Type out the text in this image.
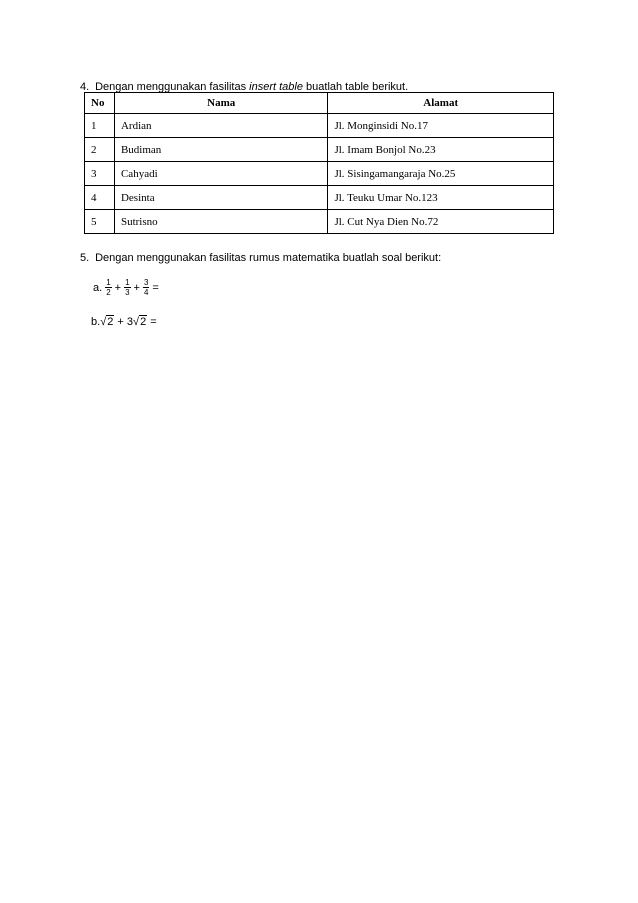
4. Dengan menggunakan fasilitas insert table buatlah table berikut.
No	Nama	Alamat
1	Ardian	Jl. Monginsidi No.17
2	Budiman	Jl. Imam Bonjol No.23
3	Cahyadi	Jl. Sisingamangaraja No.25
4	Desinta	Jl. Teuku Umar No.123
5	Sutrisno	Jl. Cut Nya Dien No.72
5. Dengan menggunakan fasilitas rumus matematika buatlah soal berikut:
a. $\frac{1}{2} + \frac{1}{3} + \frac{3}{4}$ =
b.√2 + 3√2 =
